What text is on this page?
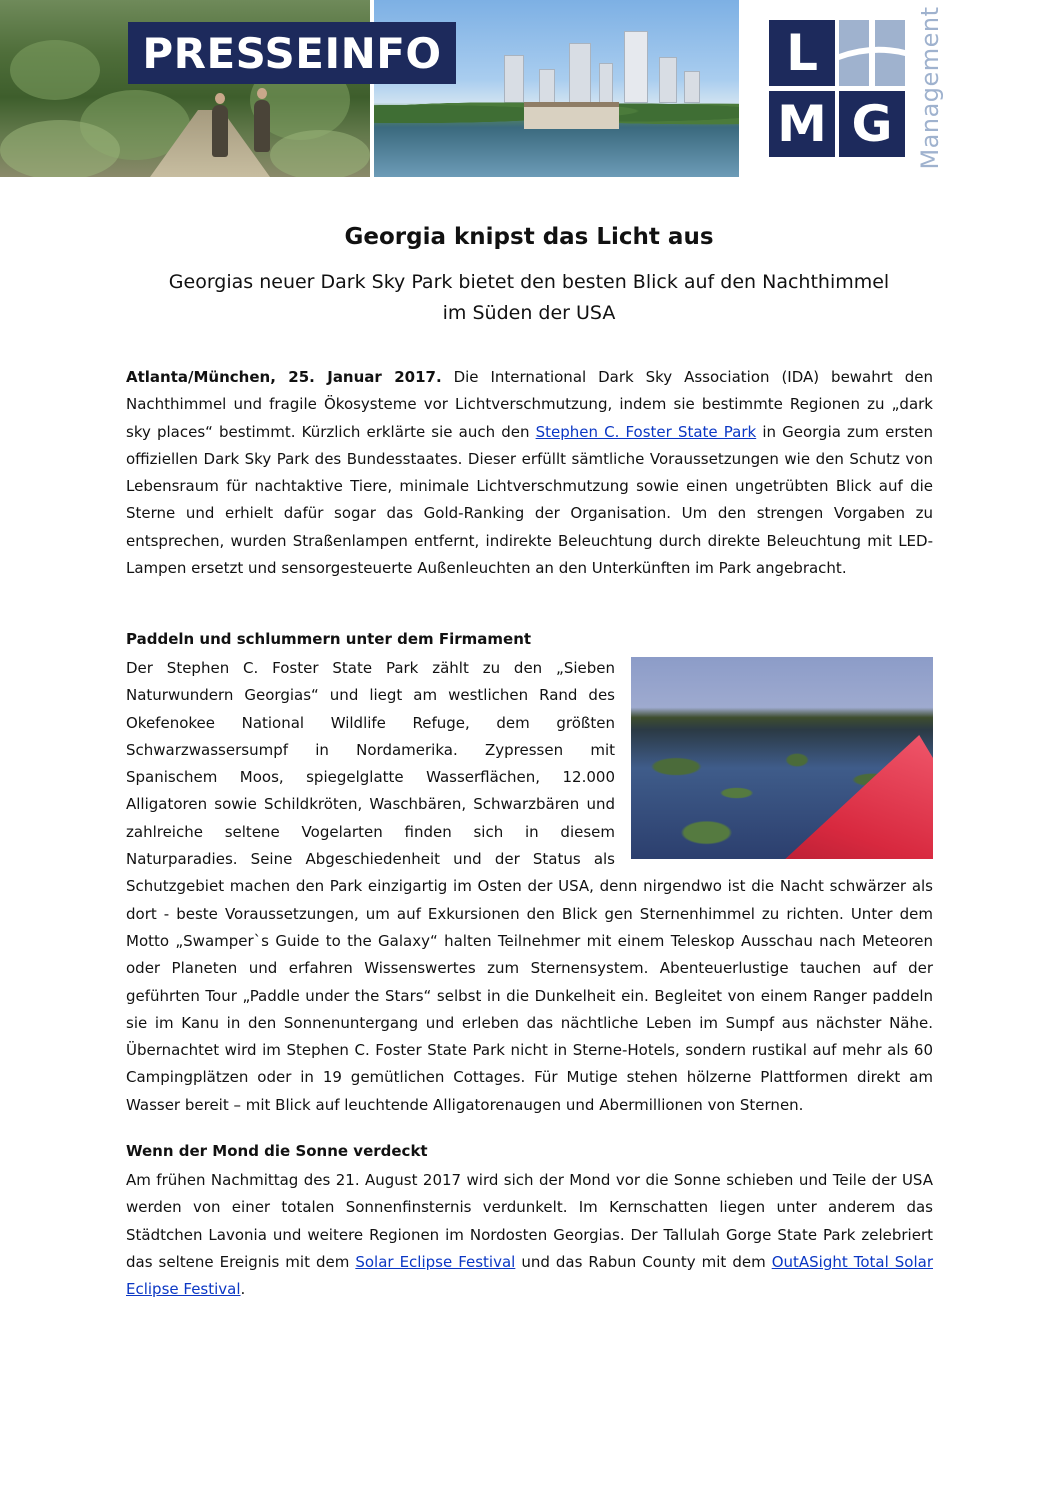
PRESSEINFO	L
M G Management
Georgia knipst das Licht aus
Georgias neuer Dark Sky Park bietet den besten Blick auf den Nachthimmel
im Süden der USA
Atlanta/München, 25. Januar 2017. Die International Dark Sky Association (IDA) bewahrt den Nachthimmel und fragile Ökosysteme vor Lichtverschmutzung, indem sie bestimmte Regionen zu „dark sky places“ bestimmt. Kürzlich erklärte sie auch den Stephen C. Foster State Park in Georgia zum ersten offiziellen Dark Sky Park des Bundesstaates. Dieser erfüllt sämtliche Voraussetzungen wie den Schutz von Lebensraum für nachtaktive Tiere, minimale Lichtverschmutzung sowie einen ungetrübten Blick auf die Sterne und erhielt dafür sogar das Gold-Ranking der Organisation. Um den strengen Vorgaben zu entsprechen, wurden Straßenlampen entfernt, indirekte Beleuchtung durch direkte Beleuchtung mit LED-Lampen ersetzt und sensorgesteuerte Außenleuchten an den Unterkünften im Park angebracht.
Paddeln und schlummern unter dem Firmament
Der Stephen C. Foster State Park zählt zu den „Sieben Naturwundern Georgias“ und liegt am westlichen Rand des Okefenokee National Wildlife Refuge, dem größten Schwarzwassersumpf in Nordamerika. Zypressen mit Spanischem Moos, spiegelglatte Wasserflächen, 12.000 Alligatoren sowie Schildkröten, Waschbären, Schwarzbären und zahlreiche seltene Vogelarten finden sich in diesem Naturparadies. Seine Abgeschiedenheit und der Status als Schutzgebiet machen den Park einzigartig im Osten der USA, denn nirgendwo ist die Nacht schwärzer als dort - beste Voraussetzungen, um auf Exkursionen den Blick gen Sternenhimmel zu richten. Unter dem Motto „Swamper`s Guide to the Galaxy“ halten Teilnehmer mit einem Teleskop Ausschau nach Meteoren oder Planeten und erfahren Wissenswertes zum Sternensystem. Abenteuerlustige tauchen auf der geführten Tour „Paddle under the Stars“ selbst in die Dunkelheit ein. Begleitet von einem Ranger paddeln sie im Kanu in den Sonnenuntergang und erleben das nächtliche Leben im Sumpf aus nächster Nähe. Übernachtet wird im Stephen C. Foster State Park nicht in Sterne-Hotels, sondern rustikal auf mehr als 60 Campingplätzen oder in 19 gemütlichen Cottages. Für Mutige stehen hölzerne Plattformen direkt am Wasser bereit – mit Blick auf leuchtende Alligatorenaugen und Abermillionen von Sternen.
Wenn der Mond die Sonne verdeckt
Am frühen Nachmittag des 21. August 2017 wird sich der Mond vor die Sonne schieben und Teile der USA werden von einer totalen Sonnenfinsternis verdunkelt. Im Kernschatten liegen unter anderem das Städtchen Lavonia und weitere Regionen im Nordosten Georgias. Der Tallulah Gorge State Park zelebriert das seltene Ereignis mit dem Solar Eclipse Festival und das Rabun County mit dem OutASight Total Solar Eclipse Festival.
